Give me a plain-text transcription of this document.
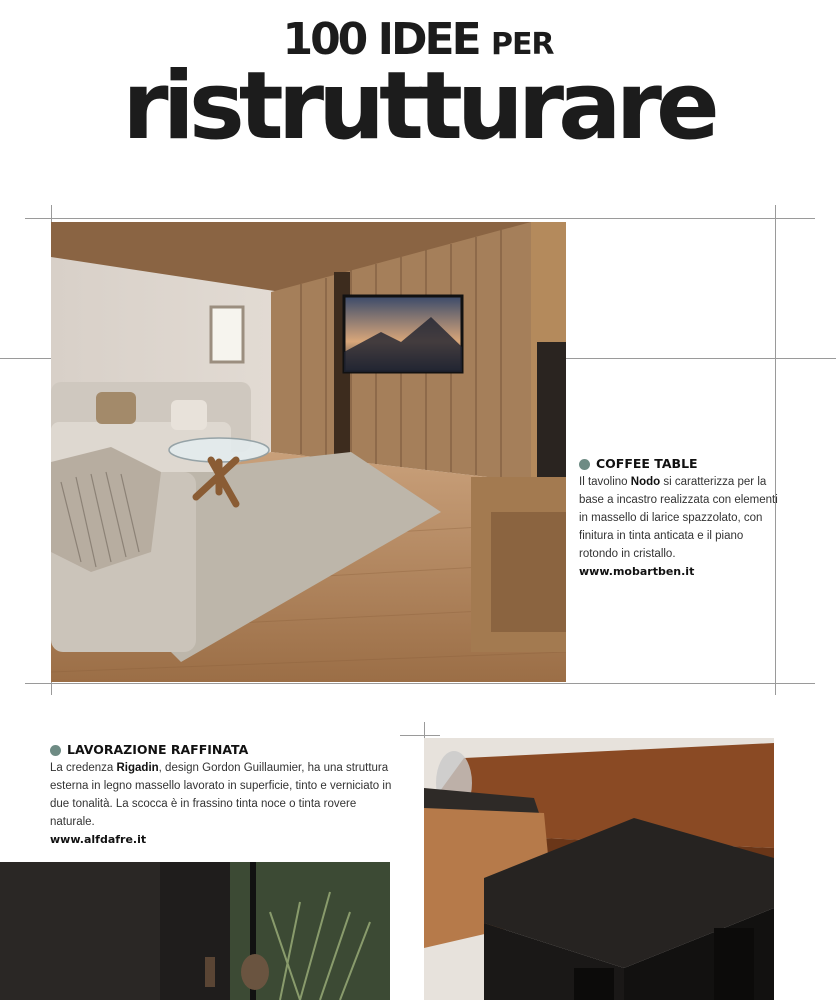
100 IDEE PER
ristrutturare
COFFEE TABLE
Il tavolino Nodo si caratterizza per la base a incastro realizzata con elementi in massello di larice spazzolato, con finitura in tinta anticata e il piano rotondo in cristallo.
www.mobartben.it
LAVORAZIONE RAFFINATA
La credenza Rigadin, design Gordon Guillaumier, ha una struttura esterna in legno massello lavorato in superficie, tinto e verniciato in due tonalità. La scocca è in frassino tinta noce o tinta rovere naturale.
www.alfdafre.it
